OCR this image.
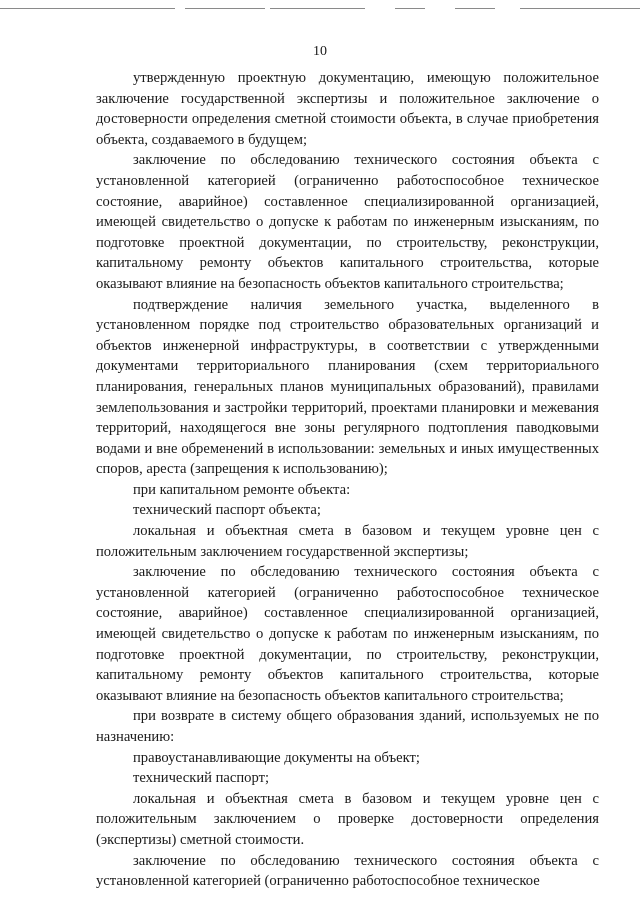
10

утвержденную проектную документацию, имеющую положительное заключение государственной экспертизы и положительное заключение о достоверности определения сметной стоимости объекта, в случае приобретения объекта, создаваемого в будущем;

заключение по обследованию технического состояния объекта с установленной категорией (ограниченно работоспособное техническое состояние, аварийное) составленное специализированной организацией, имеющей свидетельство о допуске к работам по инженерным изысканиям, по подготовке проектной документации, по строительству, реконструкции, капитальному ремонту объектов капитального строительства, которые оказывают влияние на безопасность объектов капитального строительства;

подтверждение наличия земельного участка, выделенного в установленном порядке под строительство образовательных организаций и объектов инженерной инфраструктуры, в соответствии с утвержденными документами территориального планирования (схем территориального планирования, генеральных планов муниципальных образований), правилами землепользования и застройки территорий, проектами планировки и межевания территорий, находящегося вне зоны регулярного подтопления паводковыми водами и вне обременений в использовании: земельных и иных имущественных споров, ареста (запрещения к использованию);

при капитальном ремонте объекта:

технический паспорт объекта;

локальная и объектная смета в базовом и текущем уровне цен с положительным заключением государственной экспертизы;

заключение по обследованию технического состояния объекта с установленной категорией (ограниченно работоспособное техническое состояние, аварийное) составленное специализированной организацией, имеющей свидетельство о допуске к работам по инженерным изысканиям, по подготовке проектной документации, по строительству, реконструкции, капитальному ремонту объектов капитального строительства, которые оказывают влияние на безопасность объектов капитального строительства;

при возврате в систему общего образования зданий, используемых не по назначению:

правоустанавливающие документы на объект;

технический паспорт;

локальная и объектная смета в базовом и текущем уровне цен с положительным заключением о проверке достоверности определения (экспертизы) сметной стоимости.

заключение по обследованию технического состояния объекта с установленной категорией (ограниченно работоспособное техническое
